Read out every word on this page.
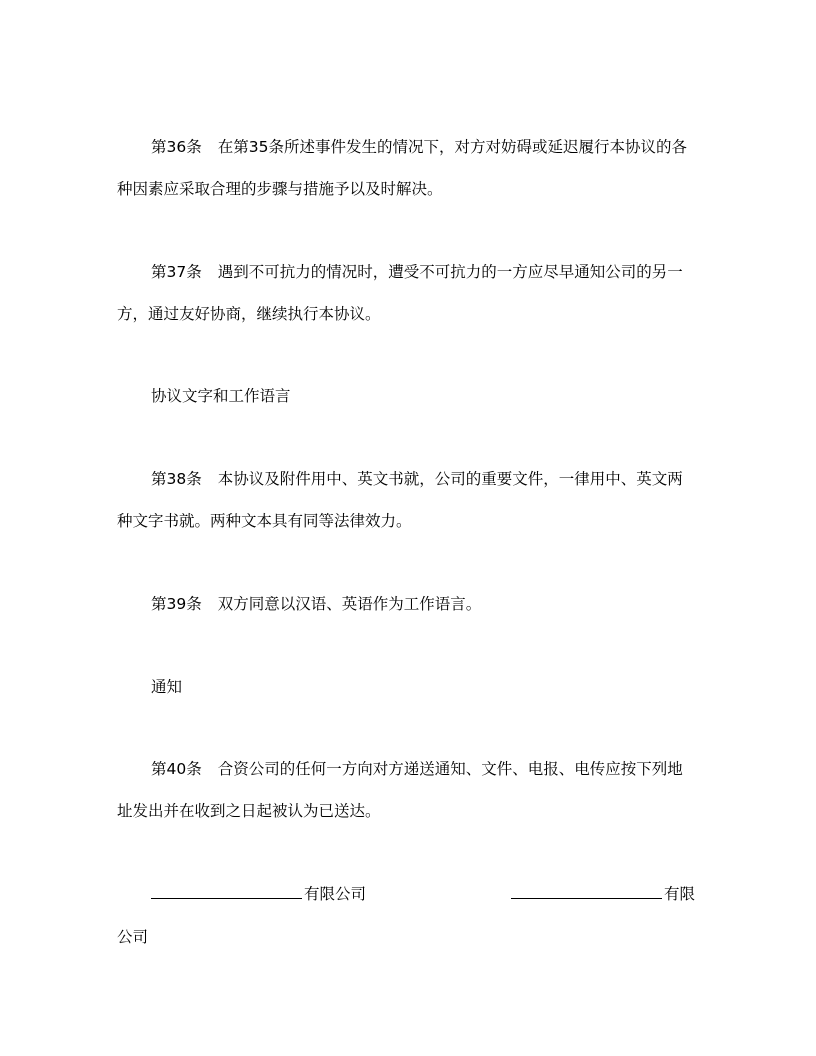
第36条 在第35条所述事件发生的情况下，对方对妨碍或延迟履行本协议的各
种因素应采取合理的步骤与措施予以及时解决。
第37条 遇到不可抗力的情况时，遭受不可抗力的一方应尽早通知公司的另一
方，通过友好协商，继续执行本协议。
协议文字和工作语言
第38条 本协议及附件用中、英文书就，公司的重要文件，一律用中、英文两
种文字书就。两种文本具有同等法律效力。
第39条 双方同意以汉语、英语作为工作语言。
通知
第40条 合资公司的任何一方向对方递送通知、文件、电报、电传应按下列地
址发出并在收到之日起被认为已送达。
有限公司	有限
公司
